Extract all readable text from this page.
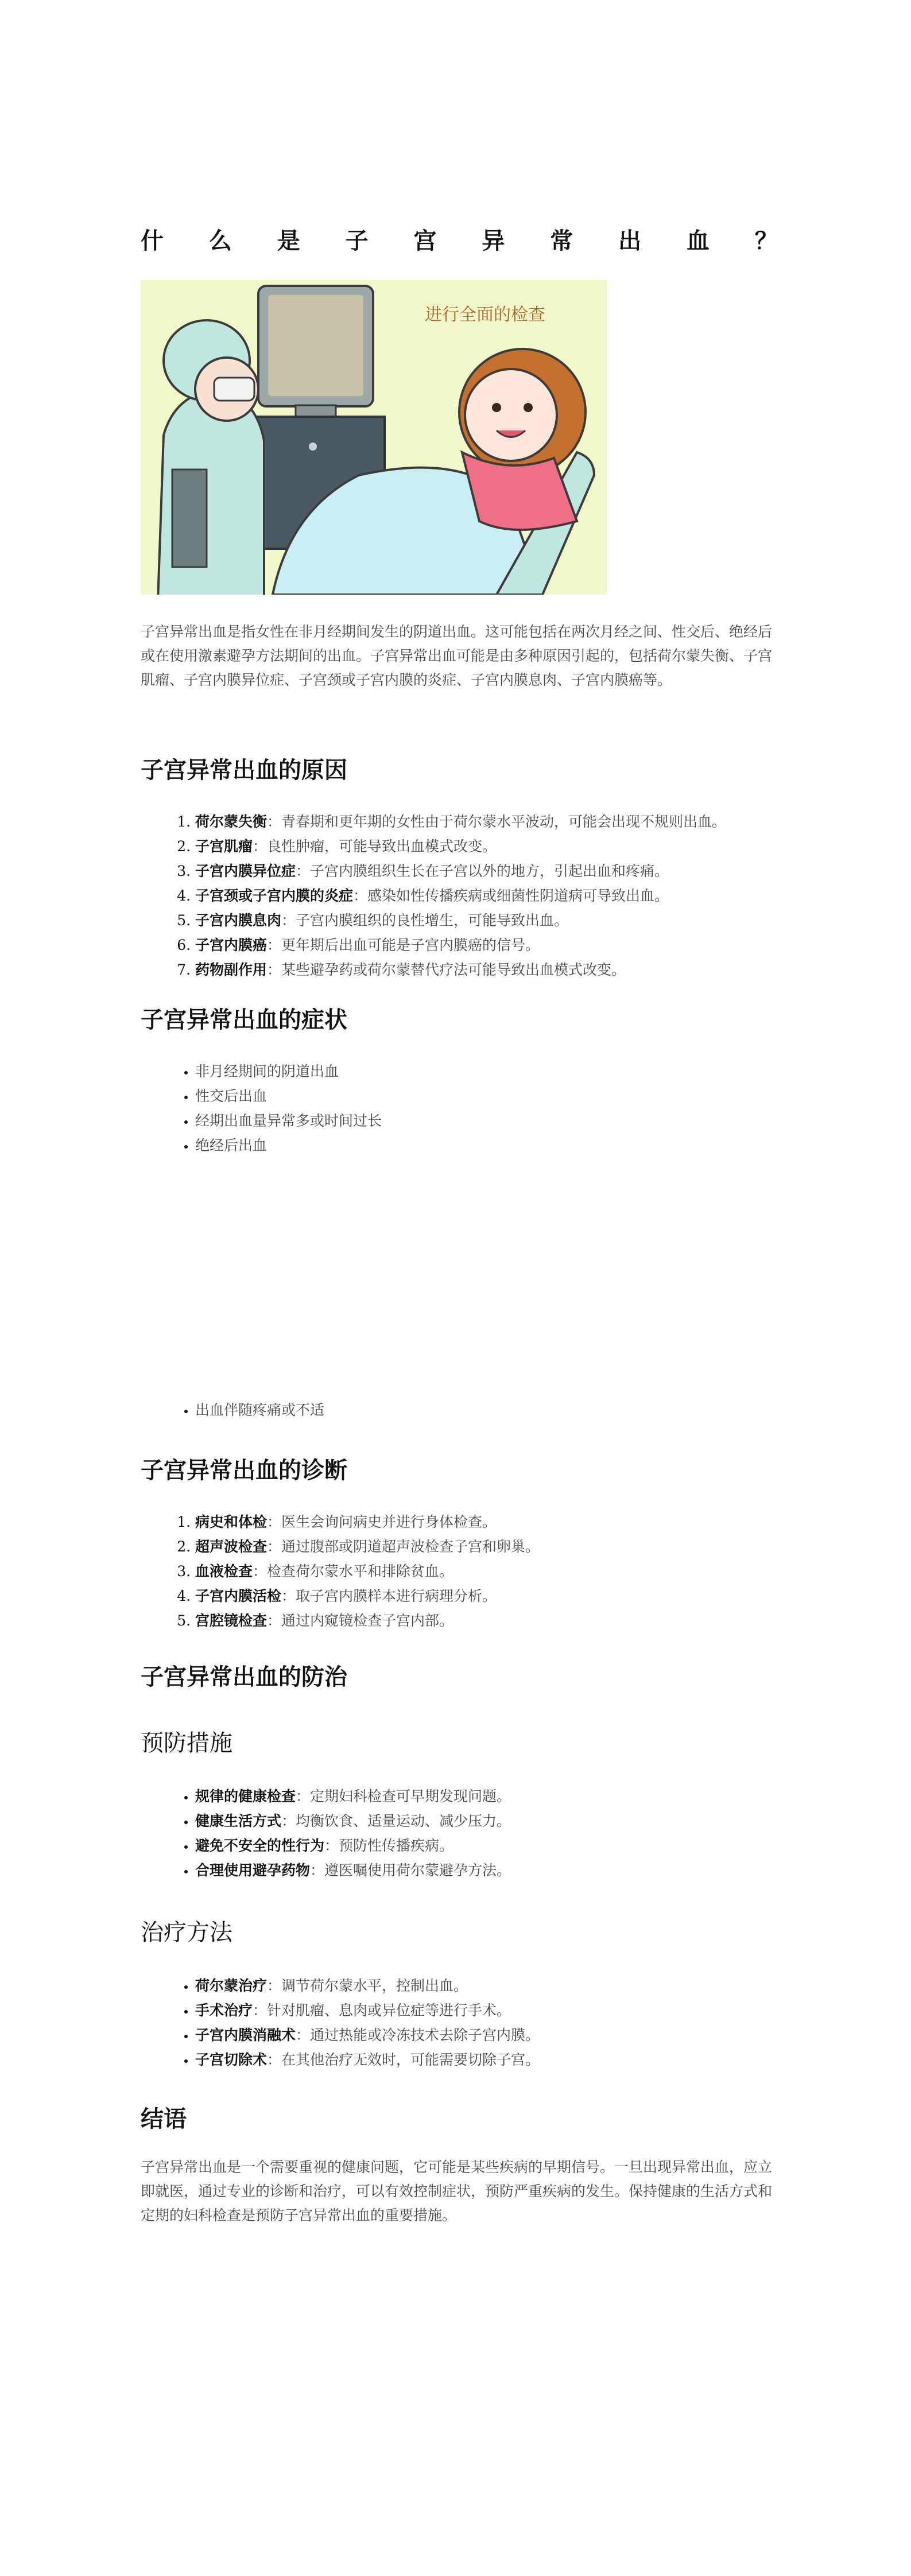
什 么 是 子 宫 异 常 出 血 ？
进行全面的检查
子宫异常出血是指女性在非月经期间发生的阴道出血。这可能包括在两次月经之间、性交后、绝经后或在使用激素避孕方法期间的出血。子宫异常出血可能是由多种原因引起的，包括荷尔蒙失衡、子宫肌瘤、子宫内膜异位症、子宫颈或子宫内膜的炎症、子宫内膜息肉、子宫内膜癌等。
子宫异常出血的原因
1. 荷尔蒙失衡：青春期和更年期的女性由于荷尔蒙水平波动，可能会出现不规则出血。
2. 子宫肌瘤：良性肿瘤，可能导致出血模式改变。
3. 子宫内膜异位症：子宫内膜组织生长在子宫以外的地方，引起出血和疼痛。
4. 子宫颈或子宫内膜的炎症：感染如性传播疾病或细菌性阴道病可导致出血。
5. 子宫内膜息肉：子宫内膜组织的良性增生，可能导致出血。
6. 子宫内膜癌：更年期后出血可能是子宫内膜癌的信号。
7. 药物副作用：某些避孕药或荷尔蒙替代疗法可能导致出血模式改变。
子宫异常出血的症状
• 非月经期间的阴道出血
• 性交后出血
• 经期出血量异常多或时间过长
• 绝经后出血
• 出血伴随疼痛或不适
子宫异常出血的诊断
1. 病史和体检：医生会询问病史并进行身体检查。
2. 超声波检查：通过腹部或阴道超声波检查子宫和卵巢。
3. 血液检查：检查荷尔蒙水平和排除贫血。
4. 子宫内膜活检：取子宫内膜样本进行病理分析。
5. 宫腔镜检查：通过内窥镜检查子宫内部。
子宫异常出血的防治
预防措施
• 规律的健康检查：定期妇科检查可早期发现问题。
• 健康生活方式：均衡饮食、适量运动、减少压力。
• 避免不安全的性行为：预防性传播疾病。
• 合理使用避孕药物：遵医嘱使用荷尔蒙避孕方法。
治疗方法
• 荷尔蒙治疗：调节荷尔蒙水平，控制出血。
• 手术治疗：针对肌瘤、息肉或异位症等进行手术。
• 子宫内膜消融术：通过热能或冷冻技术去除子宫内膜。
• 子宫切除术：在其他治疗无效时，可能需要切除子宫。
结语
子宫异常出血是一个需要重视的健康问题，它可能是某些疾病的早期信号。一旦出现异常出血，应立即就医，通过专业的诊断和治疗，可以有效控制症状，预防严重疾病的发生。保持健康的生活方式和定期的妇科检查是预防子宫异常出血的重要措施。
